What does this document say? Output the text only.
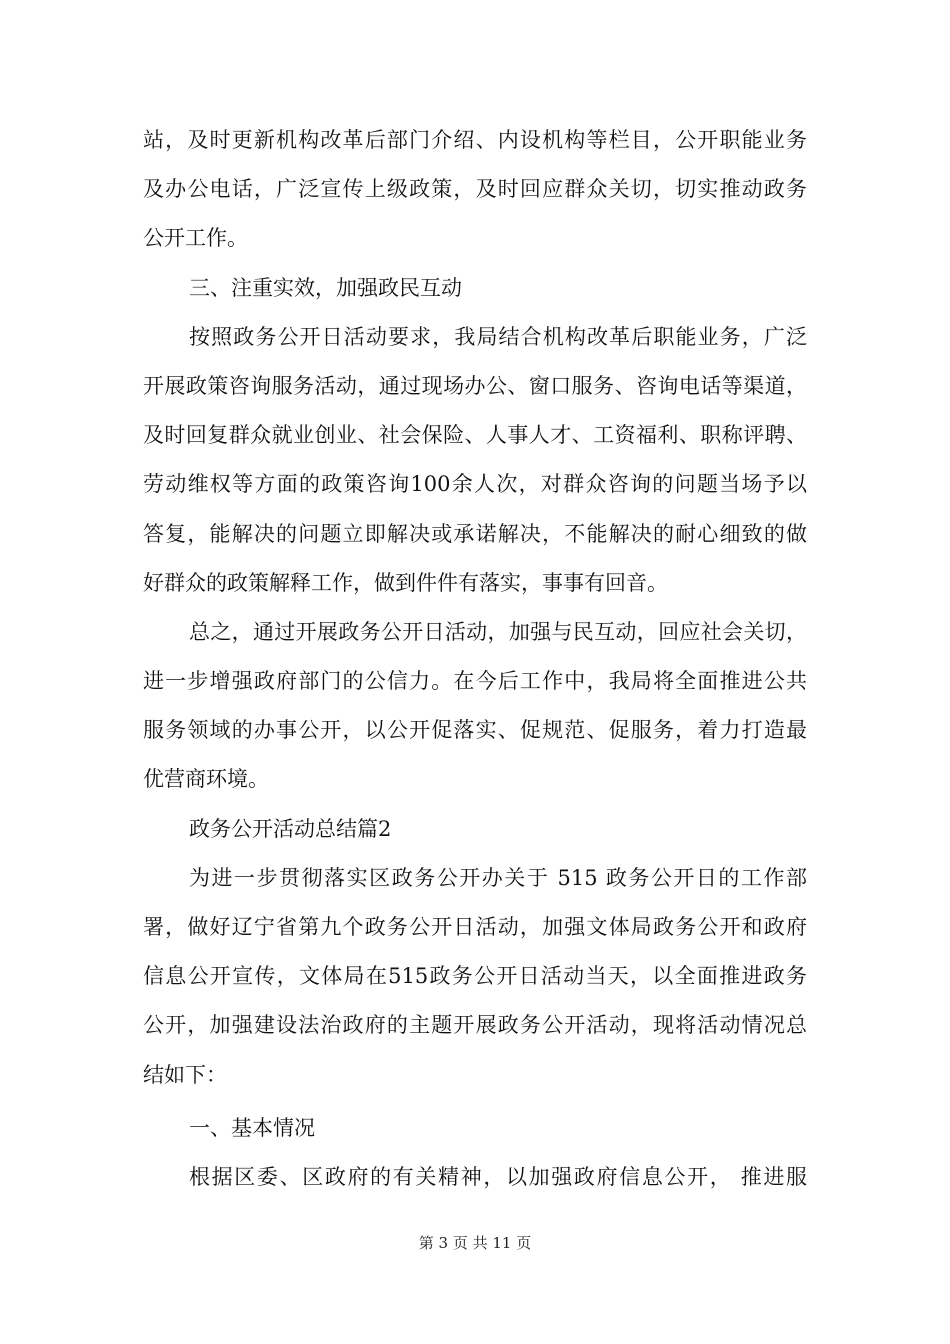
站，及时更新机构改革后部门介绍、内设机构等栏目，公开职能业务
及办公电话，广泛宣传上级政策，及时回应群众关切，切实推动政务
公开工作。
三、注重实效，加强政民互动
按照政务公开日活动要求，我局结合机构改革后职能业务，广泛
开展政策咨询服务活动，通过现场办公、窗口服务、咨询电话等渠道，
及时回复群众就业创业、社会保险、人事人才、工资福利、职称评聘、
劳动维权等方面的政策咨询100余人次，对群众咨询的问题当场予以
答复，能解决的问题立即解决或承诺解决，不能解决的耐心细致的做
好群众的政策解释工作，做到件件有落实，事事有回音。
总之，通过开展政务公开日活动，加强与民互动，回应社会关切，
进一步增强政府部门的公信力。在今后工作中，我局将全面推进公共
服务领域的办事公开，以公开促落实、促规范、促服务，着力打造最
优营商环境。
政务公开活动总结篇2
为进一步贯彻落实区政务公开办关于 515 政务公开日的工作部
署，做好辽宁省第九个政务公开日活动，加强文体局政务公开和政府
信息公开宣传，文体局在515政务公开日活动当天，以全面推进政务
公开，加强建设法治政府的主题开展政务公开活动，现将活动情况总
结如下：
一、基本情况
根据区委、区政府的有关精神，以加强政府信息公开， 推进服
第 3 页 共 11 页
